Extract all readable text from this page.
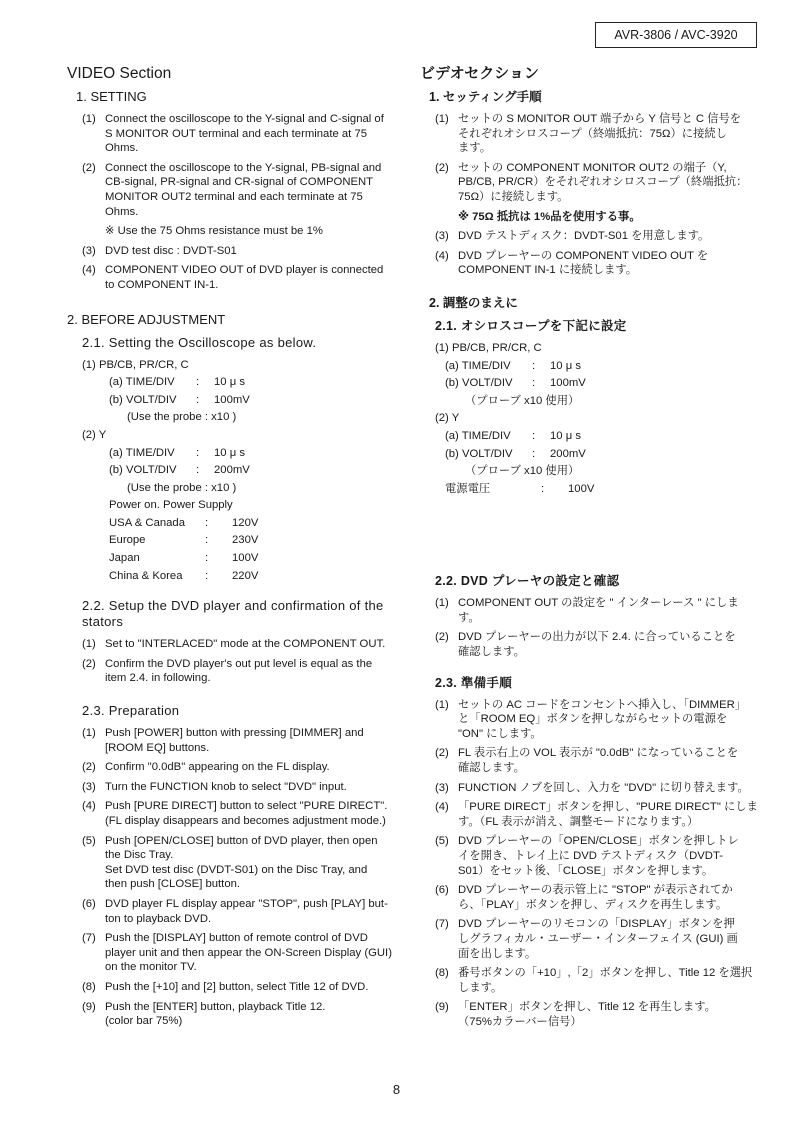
AVR-3806 / AVC-3920
VIDEO Section
1. SETTING
(1) Connect the oscilloscope to the Y-signal and C-signal of
S MONITOR OUT terminal and each terminate at 75
Ohms.
(2) Connect the oscilloscope to the Y-signal, PB-signal and
CB-signal, PR-signal and CR-signal of COMPONENT
MONITOR OUT2 terminal and each terminate at 75
Ohms.
※ Use the 75 Ohms resistance must be 1%
(3) DVD test disc : DVDT-S01
(4) COMPONENT VIDEO OUT of DVD player is connected
to COMPONENT IN-1.
2. BEFORE ADJUSTMENT
2.1. Setting the Oscilloscope as below.
(1) PB/CB, PR/CR, C
(a) TIME/DIV	:	10 μ s
(b) VOLT/DIV	:	100mV
(Use the probe : x10 )
(2) Y
(a) TIME/DIV	:	10 μ s
(b) VOLT/DIV	:	200mV
(Use the probe : x10 )
Power on. Power Supply
USA & Canada	:	120V
Europe	:	230V
Japan	:	100V
China & Korea	:	220V
2.2. Setup the DVD player and confirmation of the
stators
(1) Set to "INTERLACED" mode at the COMPONENT OUT.
(2) Confirm the DVD player's out put level is equal as the
item 2.4. in following.
2.3. Preparation
(1) Push [POWER] button with pressing [DIMMER] and
[ROOM EQ] buttons.
(2) Confirm "0.0dB" appearing on the FL display.
(3) Turn the FUNCTION knob to select "DVD" input.
(4) Push [PURE DIRECT] button to select "PURE DIRECT".
(FL display disappears and becomes adjustment mode.)
(5) Push [OPEN/CLOSE] button of DVD player, then open
the Disc Tray.
Set DVD test disc (DVDT-S01) on the Disc Tray, and
then push [CLOSE] button.
(6) DVD player FL display appear "STOP", push [PLAY] but-
ton to playback DVD.
(7) Push the [DISPLAY] button of remote control of DVD
player unit and then appear the ON-Screen Display (GUI)
on the monitor TV.
(8) Push the [+10] and [2] button, select Title 12 of DVD.
(9) Push the [ENTER] button, playback Title 12.
(color bar 75%)
ビデオセクション
1. セッティング手順
(1) セットの S MONITOR OUT 端子から Y 信号と C 信号を
それぞれオシロスコープ（終端抵抗：75Ω）に接続し
ます。
(2) セットの COMPONENT MONITOR OUT2 の端子（Y,
PB/CB, PR/CR）をそれぞれオシロスコープ（終端抵抗：
75Ω）に接続します。
※ 75Ω 抵抗は 1%品を使用する事。
(3) DVD テストディスク：DVDT-S01 を用意します。
(4) DVD プレーヤーの COMPONENT VIDEO OUT を
COMPONENT IN-1 に接続します。
2. 調整のまえに
2.1. オシロスコープを下記に設定
(1) PB/CB, PR/CR, C
(a) TIME/DIV	:	10 μ s
(b) VOLT/DIV	:	100mV
（プローブ x10 使用）
(2) Y
(a) TIME/DIV	:	10 μ s
(b) VOLT/DIV	:	200mV
（プローブ x10 使用）
電源電圧	:	100V
2.2. DVD プレーヤの設定と確認
(1) COMPONENT OUT の設定を " インターレース " にしま
す。
(2) DVD プレーヤーの出力が以下 2.4. に合っていることを
確認します。
2.3. 準備手順
(1) セットの AC コードをコンセントへ挿入し、「DIMMER」
と「ROOM EQ」ボタンを押しながらセットの電源を
"ON" にします。
(2) FL 表示右上の VOL 表示が "0.0dB" になっていることを
確認します。
(3) FUNCTION ノブを回し、入力を "DVD" に切り替えます。
(4) 「PURE DIRECT」ボタンを押し、"PURE DIRECT" にしま
す。（FL 表示が消え、調整モードになります。）
(5) DVD プレーヤーの「OPEN/CLOSE」ボタンを押しトレ
イを開き、トレイ上に DVD テストディスク（DVDT-
S01）をセット後、「CLOSE」ボタンを押します。
(6) DVD プレーヤーの表示管上に "STOP" が表示されてか
ら、「PLAY」ボタンを押し、ディスクを再生します。
(7) DVD プレーヤーのリモコンの「DISPLAY」ボタンを押
しグラフィカル・ユーザー・インターフェイス (GUI) 画
面を出します。
(8) 番号ボタンの「+10」,「2」ボタンを押し、Title 12 を選択
します。
(9) 「ENTER」ボタンを押し、Title 12 を再生します。
（75%カラーバー信号）
8
